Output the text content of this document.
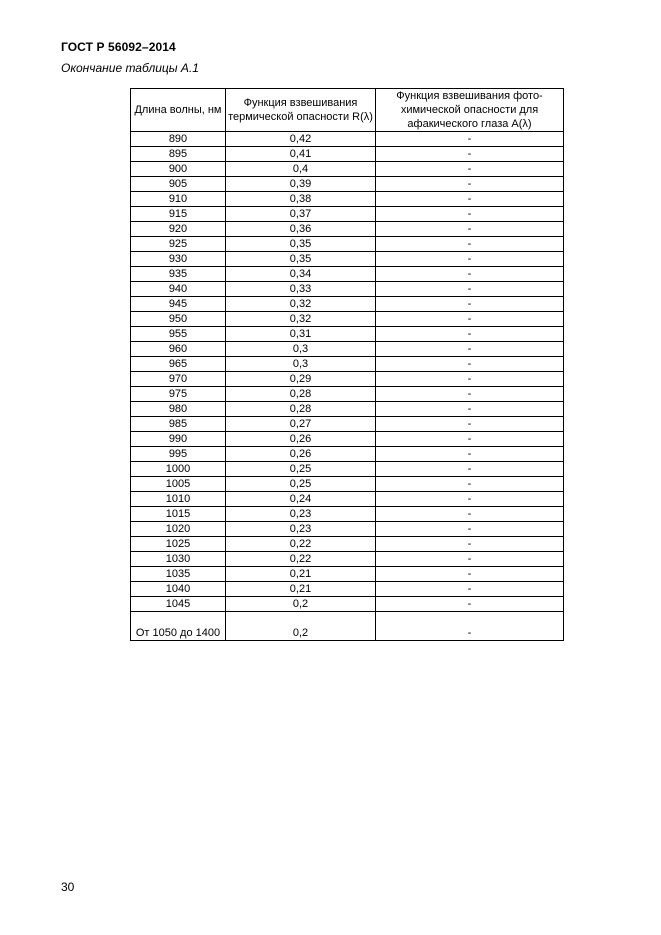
ГОСТ Р 56092–2014
Окончание таблицы А.1
Длина волны, нм	Функция взвешивания термической опасности R(λ)	Функция взвешивания фото-химической опасности для афакического глаза A(λ)
890	0,42	-
895	0,41	-
900	0,4	-
905	0,39	-
910	0,38	-
915	0,37	-
920	0,36	-
925	0,35	-
930	0,35	-
935	0,34	-
940	0,33	-
945	0,32	-
950	0,32	-
955	0,31	-
960	0,3	-
965	0,3	-
970	0,29	-
975	0,28	-
980	0,28	-
985	0,27	-
990	0,26	-
995	0,26	-
1000	0,25	-
1005	0,25	-
1010	0,24	-
1015	0,23	-
1020	0,23	-
1025	0,22	-
1030	0,22	-
1035	0,21	-
1040	0,21	-
1045	0,2	-
От 1050 до 1400	0,2	-
30
